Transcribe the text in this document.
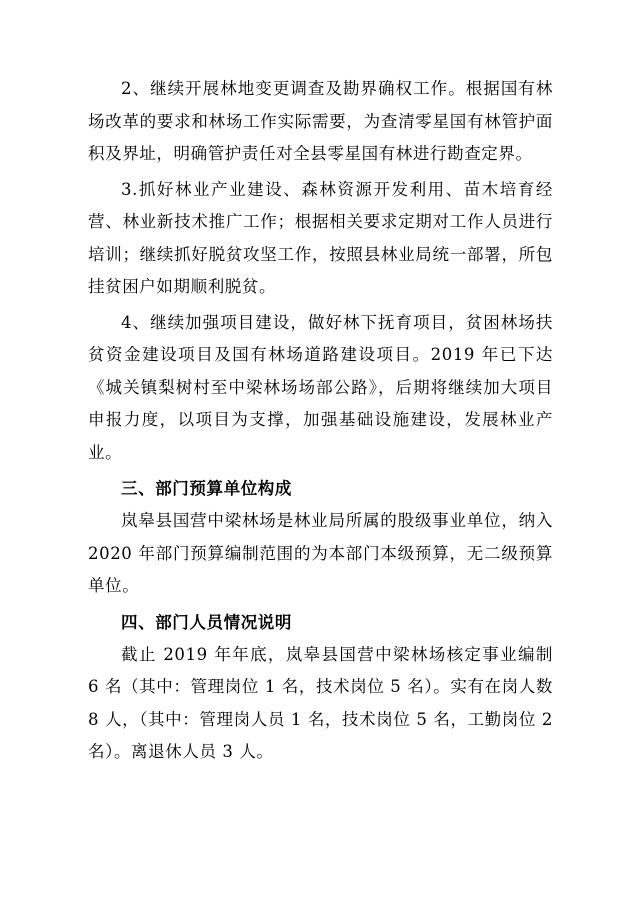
2、继续开展林地变更调查及勘界确权工作。根据国有林场改革的要求和林场工作实际需要，为查清零星国有林管护面积及界址，明确管护责任对全县零星国有林进行勘查定界。

3.抓好林业产业建设、森林资源开发利用、苗木培育经营、林业新技术推广工作；根据相关要求定期对工作人员进行培训；继续抓好脱贫攻坚工作，按照县林业局统一部署，所包挂贫困户如期顺利脱贫。

4、继续加强项目建设，做好林下抚育项目，贫困林场扶贫资金建设项目及国有林场道路建设项目。2019 年已下达《城关镇梨树村至中梁林场场部公路》，后期将继续加大项目申报力度，以项目为支撑，加强基础设施建设，发展林业产业。

三、部门预算单位构成

岚皋县国营中梁林场是林业局所属的股级事业单位，纳入 2020 年部门预算编制范围的为本部门本级预算，无二级预算单位。

四、部门人员情况说明

截止 2019 年年底，岚皋县国营中梁林场核定事业编制 6 名（其中：管理岗位 1 名，技术岗位 5 名）。实有在岗人数 8 人，（其中：管理岗人员 1 名，技术岗位 5 名，工勤岗位 2 名）。离退休人员 3 人。
